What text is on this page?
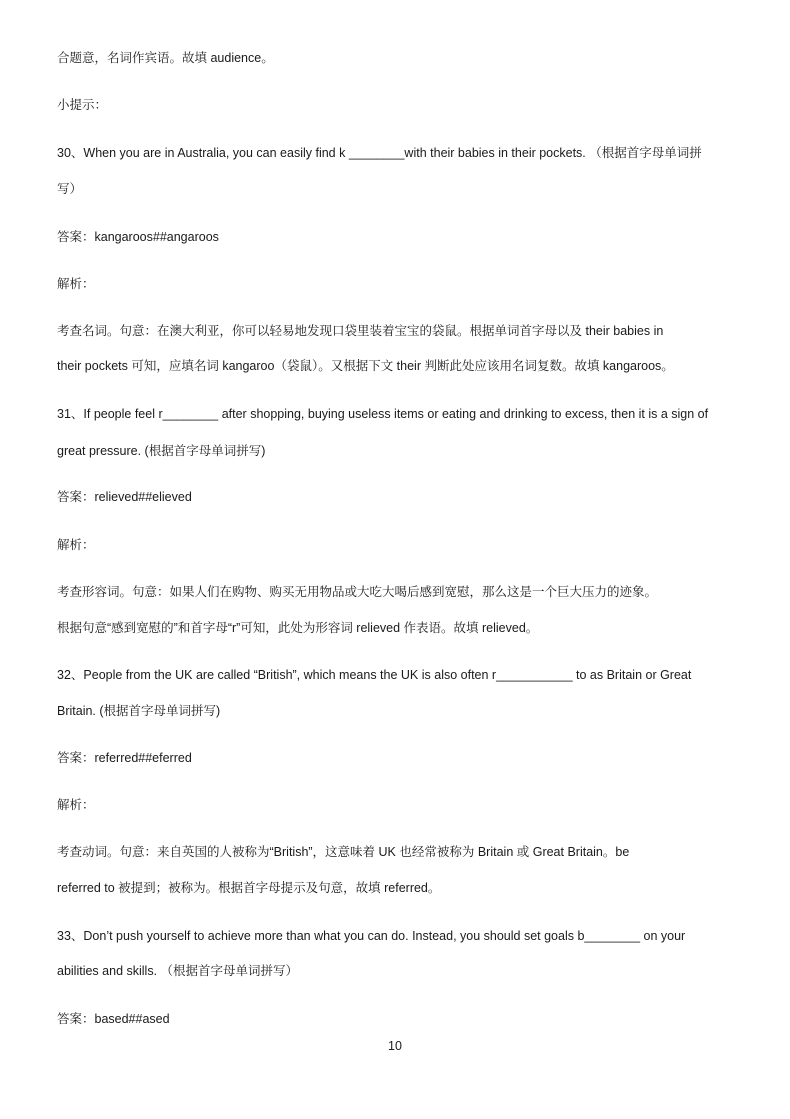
合题意，名词作宾语。故填 audience。
小提示：
30、When you are in Australia, you can easily find k ________with their babies in their pockets. （根据首字母单词拼
写）
答案：kangaroos##angaroos
解析：
考查名词。句意：在澳大利亚，你可以轻易地发现口袋里装着宝宝的袋鼠。根据单词首字母以及 their babies in
their pockets 可知，应填名词 kangaroo（袋鼠）。又根据下文 their 判断此处应该用名词复数。故填 kangaroos。
31、If people feel r________ after shopping, buying useless items or eating and drinking to excess, then it is a sign of
great pressure. (根据首字母单词拼写)
答案：relieved##elieved
解析：
考查形容词。句意：如果人们在购物、购买无用物品或大吃大喝后感到宽慰，那么这是一个巨大压力的迹象。
根据句意“感到宽慰的”和首字母“r”可知，此处为形容词 relieved 作表语。故填 relieved。
32、People from the UK are called “British”, which means the UK is also often r___________ to as Britain or Great
Britain. (根据首字母单词拼写)
答案：referred##eferred
解析：
考查动词。句意：来自英国的人被称为“British”，这意味着 UK 也经常被称为 Britain 或 Great Britain。be
referred to 被提到；被称为。根据首字母提示及句意，故填 referred。
33、Don’t push yourself to achieve more than what you can do. Instead, you should set goals b________ on your
abilities and skills. （根据首字母单词拼写）
答案：based##ased
10
